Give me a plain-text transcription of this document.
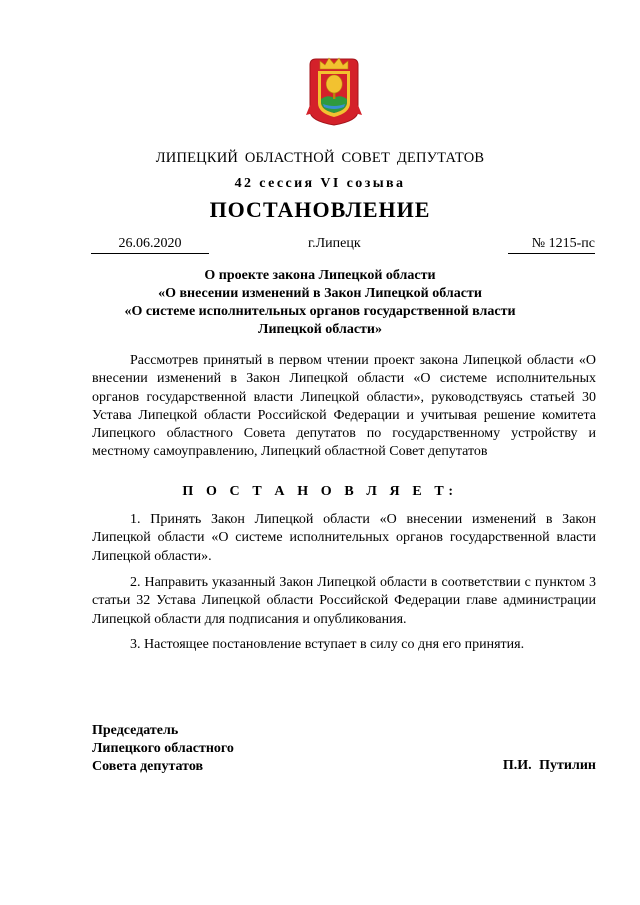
ЛИПЕЦКИЙ ОБЛАСТНОЙ СОВЕТ ДЕПУТАТОВ
42 сессия VI созыва
ПОСТАНОВЛЕНИЕ
26.06.2020	г.Липецк	№ 1215-пс
О проекте закона Липецкой области
«О внесении изменений в Закон Липецкой области
«О системе исполнительных органов государственной власти
Липецкой области»
Рассмотрев принятый в первом чтении проект закона Липецкой области «О внесении изменений в Закон Липецкой области «О системе исполнительных органов государственной власти Липецкой области», руководствуясь статьей 30 Устава Липецкой области Российской Федерации и учитывая решение комитета Липецкого областного Совета депутатов по государственному устройству и местному самоуправлению, Липецкий областной Совет депутатов
П О С Т А Н О В Л Я Е Т:
1. Принять Закон Липецкой области «О внесении изменений в Закон Липецкой области «О системе исполнительных органов государственной власти Липецкой области».
2. Направить указанный Закон Липецкой области в соответствии с пунктом 3 статьи 32 Устава Липецкой области Российской Федерации главе администрации Липецкой области для подписания и опубликования.
3. Настоящее постановление вступает в силу со дня его принятия.
Председатель
Липецкого областного
Совета депутатов	П.И. Путилин
